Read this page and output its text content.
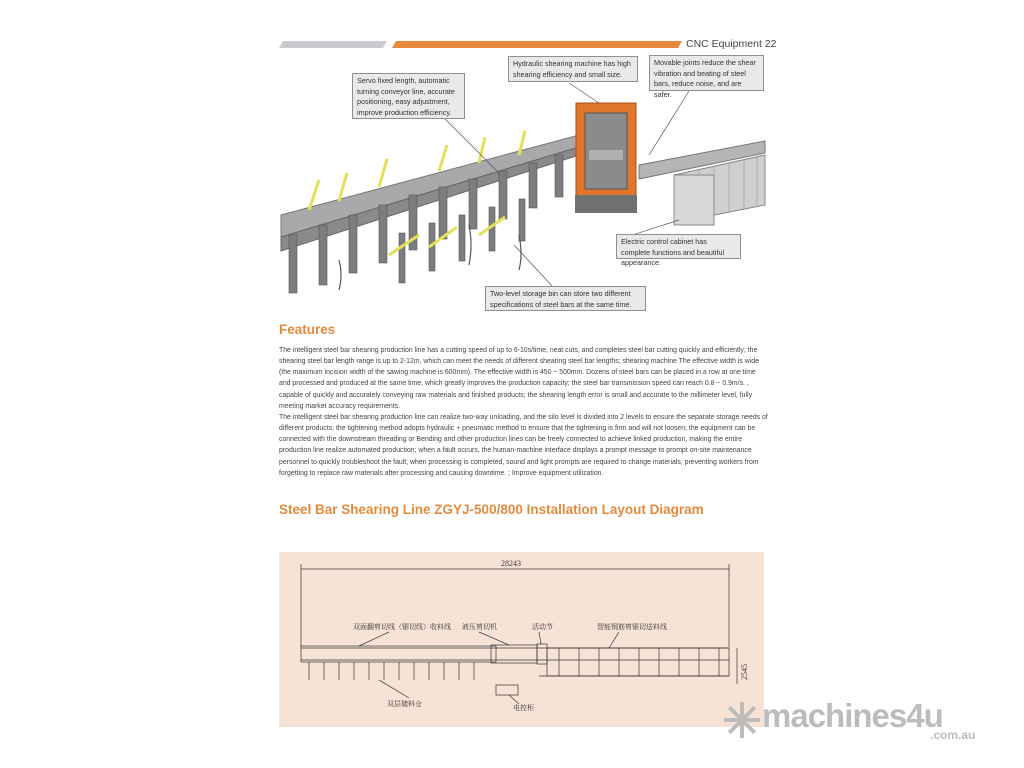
CNC Equipment 22
Servo fixed length, automatic turning conveyor line, accurate positioning, easy adjustment, improve production efficiency.
Hydraulic shearing machine has high shearing efficiency and small size.
Movable joints reduce the shear vibration and beating of steel bars, reduce noise, and are safer.
Electric control cabinet has complete functions and beautiful appearance.
Two-level storage bin can store two different specifications of steel bars at the same time.
Features

The intelligent steel bar shearing production line has a cutting speed of up to 6-10s/time, neat cuts, and completes steel bar cutting quickly and efficiently; the shearing steel bar length range is up to 2-12m, which can meet the needs of different shearing steel bar lengths; shearing machine The effective width is wide (the maximum incision width of the sawing machine is 600mm). The effective width is 450 ~ 500mm. Dozens of steel bars can be placed in a row at one time and processed and produced at the same time, which greatly improves the production capacity; the steel bar transmission speed can reach 0.8 ~ 0.9m/s. , capable of quickly and accurately conveying raw materials and finished products; the shearing length error is small and accurate to the millimeter level, fully meeting market accuracy requirements.

The intelligent steel bar shearing production line can realize two-way unloading, and the silo level is divided into 2 levels to ensure the separate storage needs of different products; the tightening method adopts hydraulic + pneumatic method to ensure that the tightening is firm and will not loosen; the equipment can be connected with the downstream threading or Bending and other production lines can be freely connected to achieve linked production, making the entire production line realize automated production; when a fault occurs, the human-machine interface displays a prompt message to prompt on-site maintenance personnel to quickly troubleshoot the fault; when processing is completed, sound and light prompts are required to change materials, preventing workers from forgetting to replace raw materials after processing and causing downtime. ; Improve equipment utilization.

Steel Bar Shearing Line ZGYJ-500/800 Installation Layout Diagram
28243
2545
双面翻剪切线（锯切线）收料线 液压剪切机	活动节	智能钢筋剪锯切送料线
双层储料仓	电控柜	machines4u
.com.au
